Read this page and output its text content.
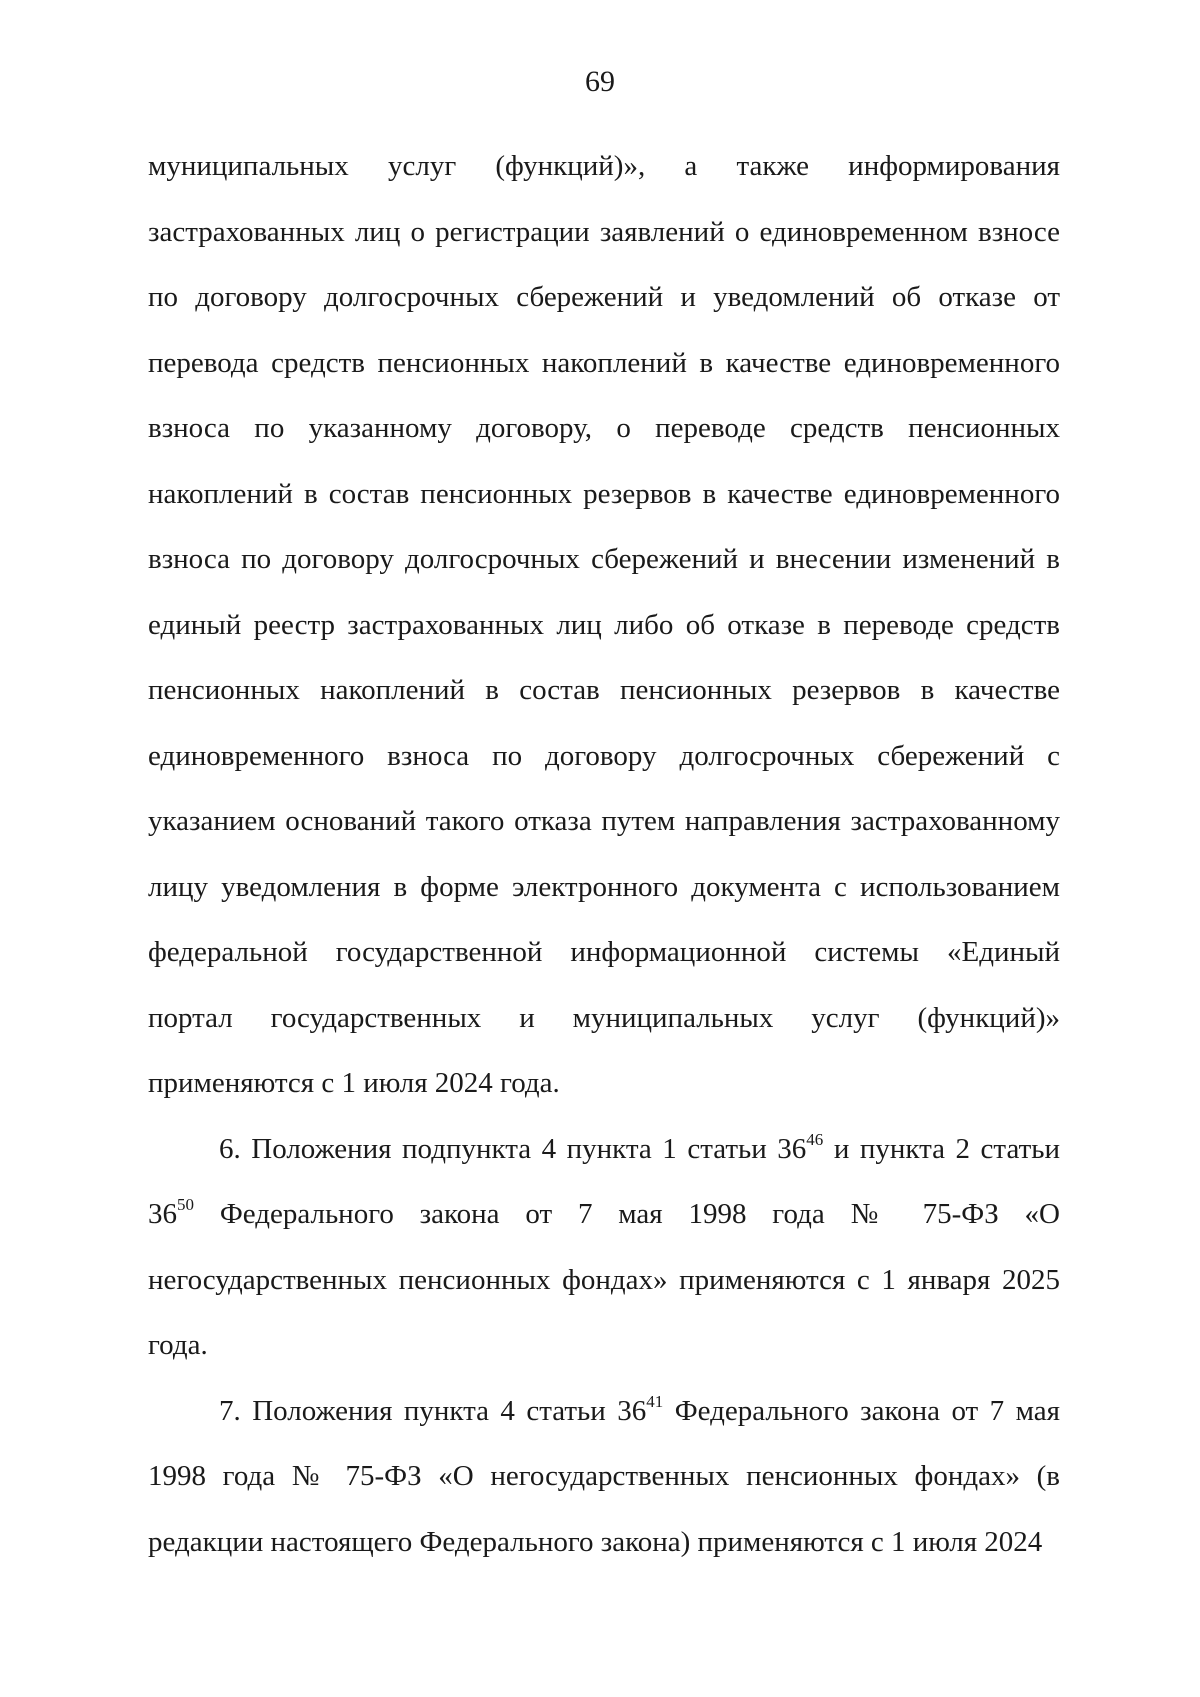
69

муниципальных услуг (функций)», а также информирования застрахованных лиц о регистрации заявлений о единовременном взносе по договору долгосрочных сбережений и уведомлений об отказе от перевода средств пенсионных накоплений в качестве единовременного взноса по указанному договору, о переводе средств пенсионных накоплений в состав пенсионных резервов в качестве единовременного взноса по договору долгосрочных сбережений и внесении изменений в единый реестр застрахованных лиц либо об отказе в переводе средств пенсионных накоплений в состав пенсионных резервов в качестве единовременного взноса по договору долгосрочных сбережений с указанием оснований такого отказа путем направления застрахованному лицу уведомления в форме электронного документа с использованием федеральной государственной информационной системы «Единый портал государственных и муниципальных услуг (функций)» применяются с 1 июля 2024 года.

6. Положения подпункта 4 пункта 1 статьи $36^{46}$ и пункта 2 статьи $36^{50}$ Федерального закона от 7 мая 1998 года № 75-ФЗ «О негосударственных пенсионных фондах» применяются с 1 января 2025 года.

7. Положения пункта 4 статьи $36^{41}$ Федерального закона от 7 мая 1998 года № 75-ФЗ «О негосударственных пенсионных фондах» (в редакции настоящего Федерального закона) применяются с 1 июля 2024
